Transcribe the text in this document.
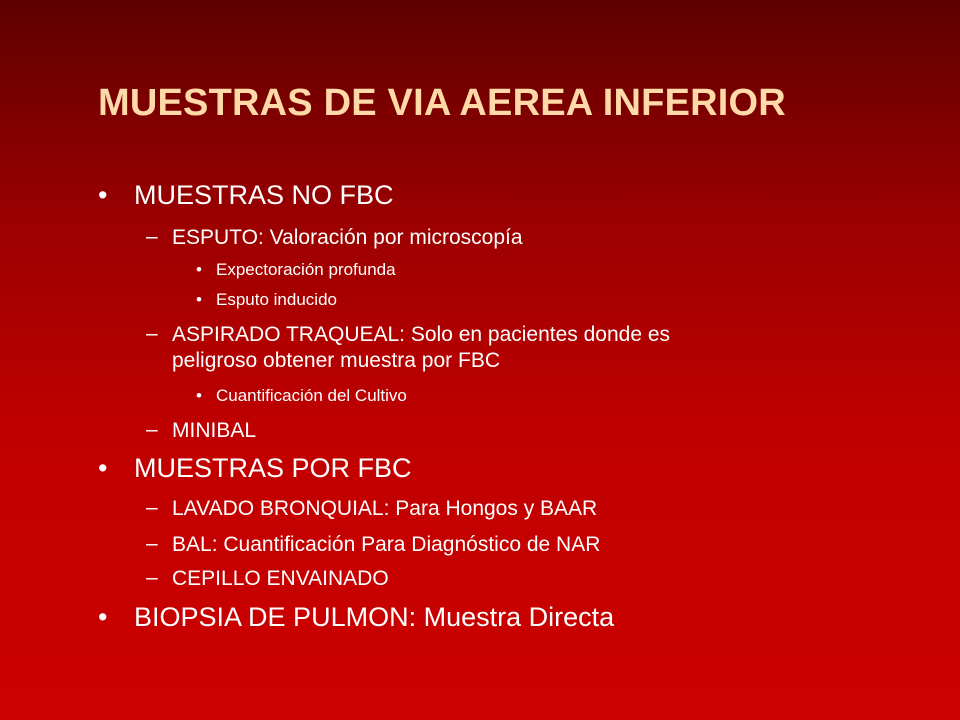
MUESTRAS DE VIA AEREA INFERIOR
• MUESTRAS NO FBC
– ESPUTO: Valoración por microscopía
• Expectoración profunda
• Esputo inducido
– ASPIRADO TRAQUEAL: Solo en pacientes donde es
peligroso obtener muestra por FBC
• Cuantificación del Cultivo
– MINIBAL
• MUESTRAS POR FBC
– LAVADO BRONQUIAL: Para Hongos y BAAR
– BAL: Cuantificación Para Diagnóstico de NAR
– CEPILLO ENVAINADO
• BIOPSIA DE PULMON: Muestra Directa
